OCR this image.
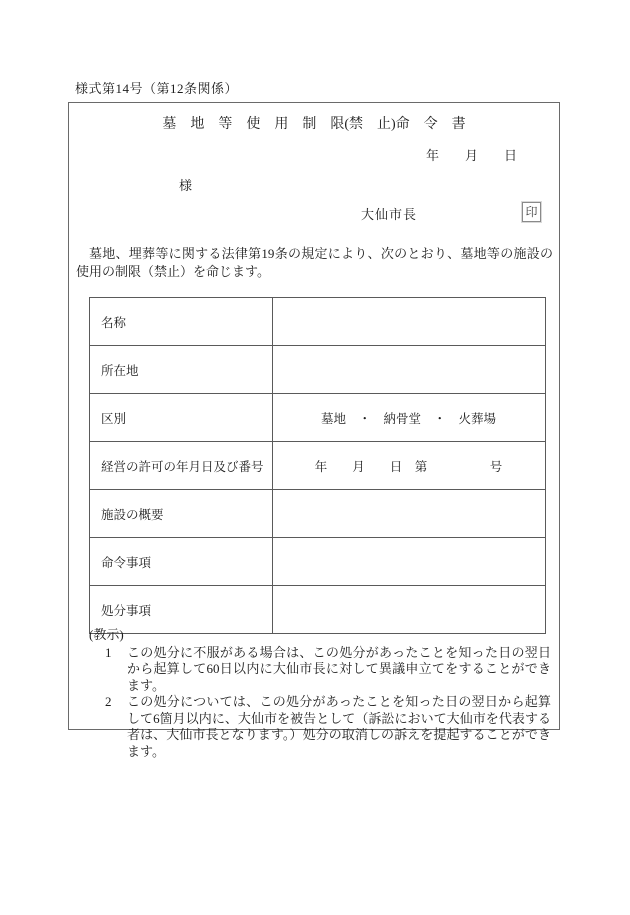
様式第14号（第12条関係）
墓　地　等　使　用　制　限(禁　止)命　令　書
年　　月　　日
様
大仙市長	印
墓地、埋葬等に関する法律第19条の規定により、次のとおり、墓地等の施設の使用の制限（禁止）を命じます。
名称	
所在地	
区別	墓地　・　納骨堂　・　火葬場
経営の許可の年月日及び番号	年　　月　　日　第　　　　　号
施設の概要	
命令事項	
処分事項	
(教示)
1	この処分に不服がある場合は、この処分があったことを知った日の翌日から起算して60日以内に大仙市長に対して異議申立てをすることができます。
2	この処分については、この処分があったことを知った日の翌日から起算して6箇月以内に、大仙市を被告として（訴訟において大仙市を代表する者は、大仙市長となります。）処分の取消しの訴えを提起することができます。
